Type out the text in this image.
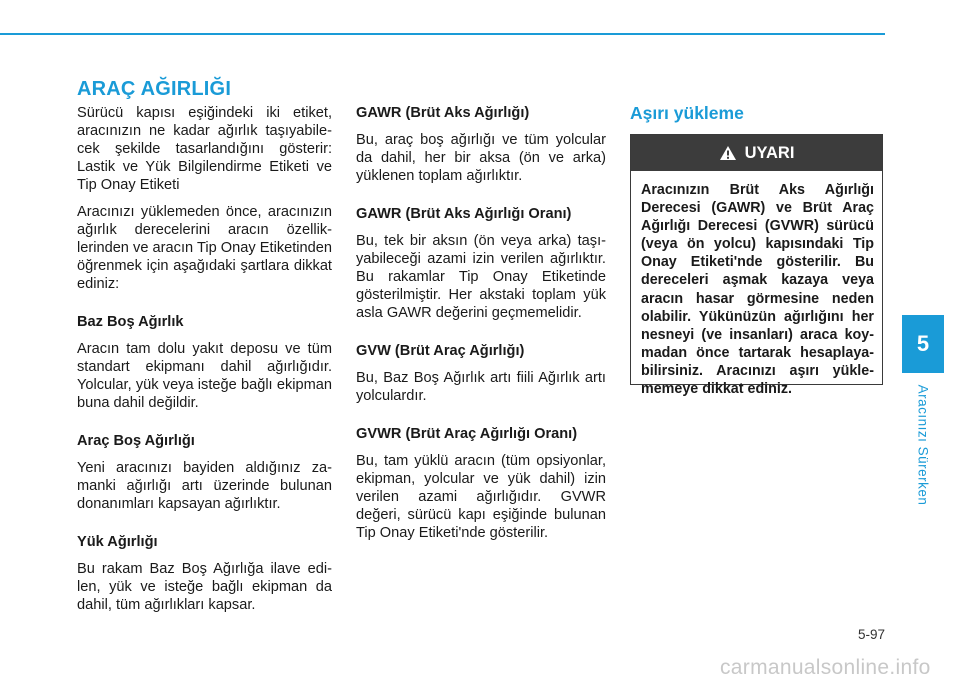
ARAÇ AĞIRLIĞI

Sürücü kapısı eşiğindeki iki etiket, aracınızın ne kadar ağırlık taşıyabilecek şekilde tasarlandığını gösterir: Lastik ve Yük Bilgilendirme Etiketi ve Tip Onay Etiketi

Aracınızı yüklemeden önce, aracınızın ağırlık derecelerini aracın özelliklerinden ve aracın Tip Onay Etiketinden öğrenmek için aşağıdaki şartlara dikkat ediniz:

Baz Boş Ağırlık

Aracın tam dolu yakıt deposu ve tüm standart ekipmanı dahil ağırlığıdır. Yolcular, yük veya isteğe bağlı ekipman buna dahil değildir.

Araç Boş Ağırlığı

Yeni aracınızı bayiden aldığınız zamanki ağırlığı artı üzerinde bulunan donanımları kapsayan ağırlıktır.

Yük Ağırlığı

Bu rakam Baz Boş Ağırlığa ilave edilen, yük ve isteğe bağlı ekipman da dahil, tüm ağırlıkları kapsar.

GAWR (Brüt Aks Ağırlığı)

Bu, araç boş ağırlığı ve tüm yolcular da dahil, her bir aksa (ön ve arka) yüklenen toplam ağırlıktır.

GAWR (Brüt Aks Ağırlığı Oranı)

Bu, tek bir aksın (ön veya arka) taşıyabileceği azami izin verilen ağırlıktır. Bu rakamlar Tip Onay Etiketinde gösterilmiştir. Her akstaki toplam yük asla GAWR değerini geçmemelidir.

GVW (Brüt Araç Ağırlığı)

Bu, Baz Boş Ağırlık artı fiili Ağırlık artı yolculardır.

GVWR (Brüt Araç Ağırlığı Oranı)

Bu, tam yüklü aracın (tüm opsiyonlar, ekipman, yolcular ve yük dahil) izin verilen azami ağırlığıdır. GVWR değeri, sürücü kapı eşiğinde bulunan Tip Onay Etiketi'nde gösterilir.

Aşırı yükleme
UYARI
Aracınızın Brüt Aks Ağırlığı Derecesi (GAWR) ve Brüt Araç Ağırlığı Derecesi (GVWR) sürücü (veya ön yolcu) kapısındaki Tip Onay Etiketi'nde gösterilir. Bu dereceleri aşmak kazaya veya aracın hasar görmesine neden olabilir. Yükünüzün ağırlığını her nesneyi (ve insanları) araca koymadan önce tartarak hesaplayabilirsiniz. Aracınızı aşırı yüklememeye dikkat ediniz.
5
Aracınızı Sürerken
5-97
carmanualsonline.info
